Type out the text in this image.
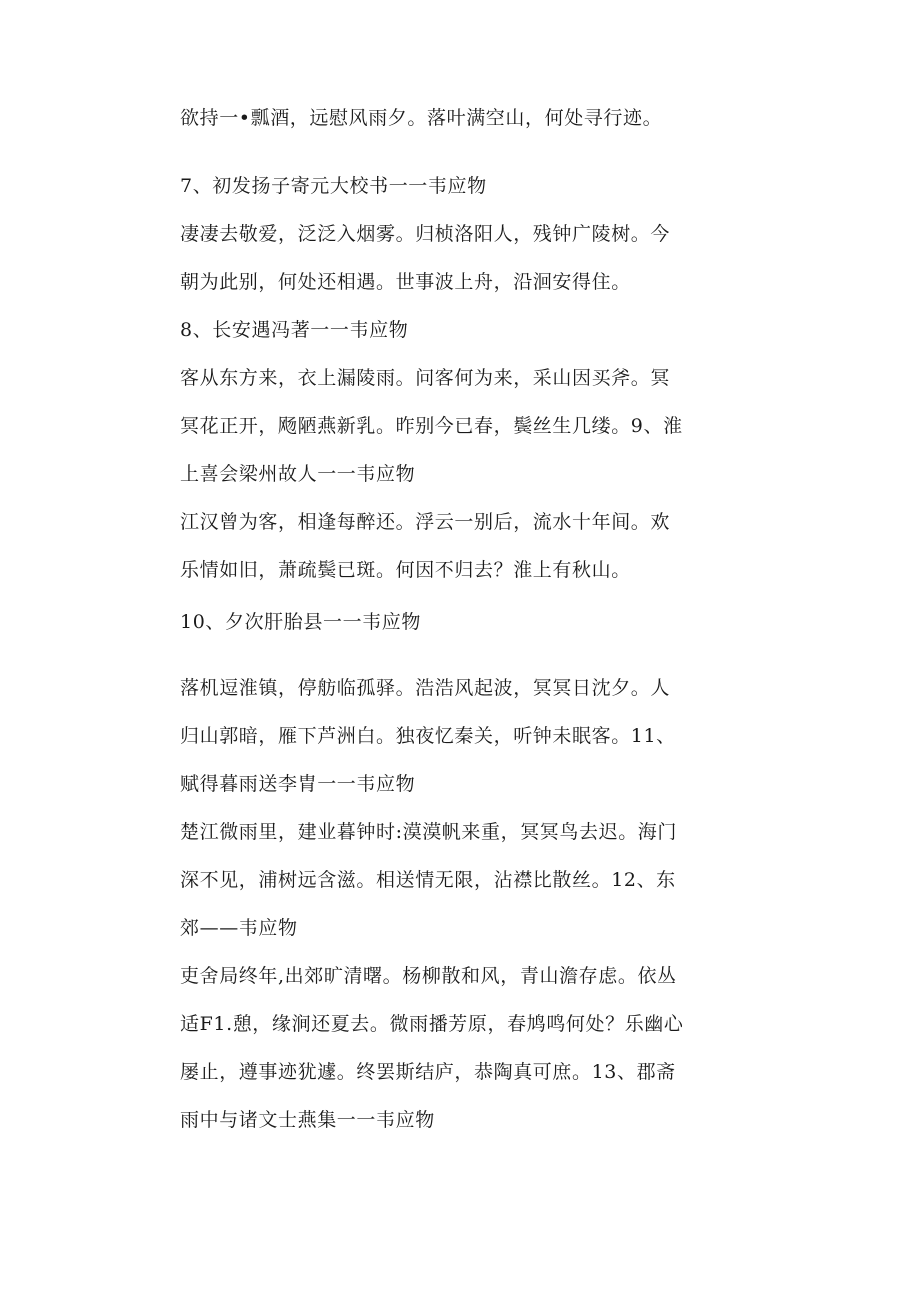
欲持一•瓢酒，远慰风雨夕。落叶满空山，何处寻行迹。

7、初发扬子寄元大校书一一韦应物

凄凄去敬爱，泛泛入烟雾。归桢洛阳人，残钟广陵树。今

朝为此别，何处还相遇。世事波上舟，沿洄安得住。

8、长安遇冯著一一韦应物

客从东方来，衣上漏陵雨。问客何为来，采山因买斧。冥

冥花正开，飏陋燕新乳。昨别今已春，鬓丝生几缕。9、淮

上喜会梁州故人一一韦应物

江汉曾为客，相逢每醉还。浮云一别后，流水十年间。欢

乐情如旧，萧疏鬓已斑。何因不归去？淮上有秋山。

10、夕次肝胎县一一韦应物

落机逗淮镇，停舫临孤驿。浩浩风起波，冥冥日沈夕。人

归山郭暗，雁下芦洲白。独夜忆秦关，听钟未眠客。11、

赋得暮雨送李胄一一韦应物

楚江微雨里，建业暮钟时:漠漠帆来重，冥冥鸟去迟。海门

深不见，浦树远含滋。相送情无限，沾襟比散丝。12、东

郊——韦应物

吏舍局终年,出郊旷清曙。杨柳散和风，青山澹存虑。依丛

适F1.憩，缘涧还夏去。微雨播芳原，春鸠鸣何处？乐幽心

屡止，遵事迹犹遽。终罢斯结庐，恭陶真可庶。13、郡斋

雨中与诸文士燕集一一韦应物
